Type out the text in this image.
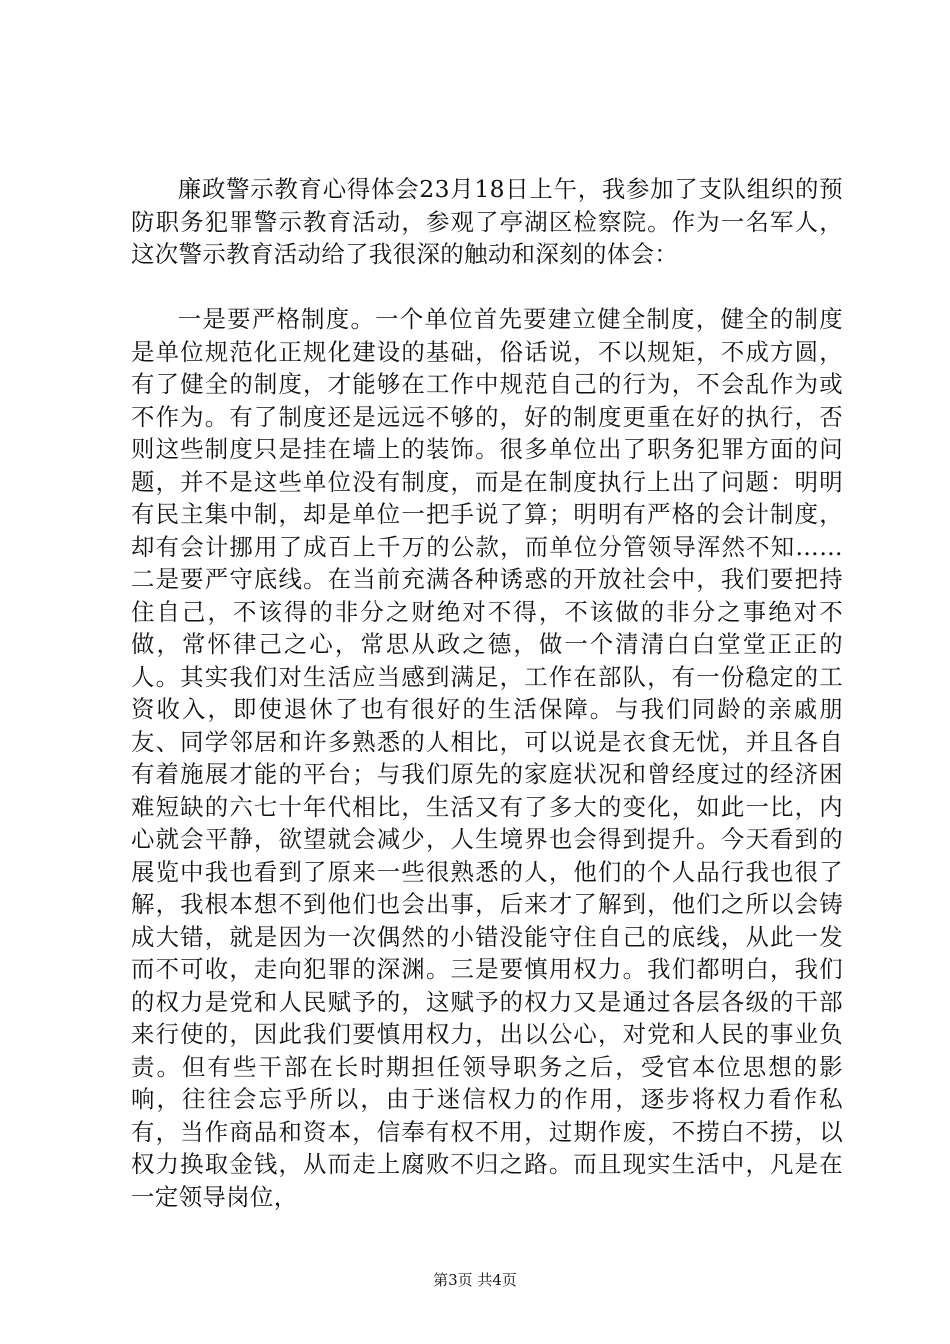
廉政警示教育心得体会23月18日上午，我参加了支队组织的预防职务犯罪警示教育活动，参观了亭湖区检察院。作为一名军人，这次警示教育活动给了我很深的触动和深刻的体会：

一是要严格制度。一个单位首先要建立健全制度，健全的制度是单位规范化正规化建设的基础，俗话说，不以规矩，不成方圆，有了健全的制度，才能够在工作中规范自己的行为，不会乱作为或不作为。有了制度还是远远不够的，好的制度更重在好的执行，否则这些制度只是挂在墙上的装饰。很多单位出了职务犯罪方面的问题，并不是这些单位没有制度，而是在制度执行上出了问题：明明有民主集中制，却是单位一把手说了算；明明有严格的会计制度，却有会计挪用了成百上千万的公款，而单位分管领导浑然不知……二是要严守底线。在当前充满各种诱惑的开放社会中，我们要把持住自己，不该得的非分之财绝对不得，不该做的非分之事绝对不做，常怀律己之心，常思从政之德，做一个清清白白堂堂正正的人。其实我们对生活应当感到满足，工作在部队，有一份稳定的工资收入，即使退休了也有很好的生活保障。与我们同龄的亲戚朋友、同学邻居和许多熟悉的人相比，可以说是衣食无忧，并且各自有着施展才能的平台；与我们原先的家庭状况和曾经度过的经济困难短缺的六七十年代相比，生活又有了多大的变化，如此一比，内心就会平静，欲望就会减少，人生境界也会得到提升。今天看到的展览中我也看到了原来一些很熟悉的人，他们的个人品行我也很了解，我根本想不到他们也会出事，后来才了解到，他们之所以会铸成大错，就是因为一次偶然的小错没能守住自己的底线，从此一发而不可收，走向犯罪的深渊。三是要慎用权力。我们都明白，我们的权力是党和人民赋予的，这赋予的权力又是通过各层各级的干部来行使的，因此我们要慎用权力，出以公心，对党和人民的事业负责。但有些干部在长时期担任领导职务之后，受官本位思想的影响，往往会忘乎所以，由于迷信权力的作用，逐步将权力看作私有，当作商品和资本，信奉有权不用，过期作废，不捞白不捞，以权力换取金钱，从而走上腐败不归之路。而且现实生活中，凡是在一定领导岗位，

第3页 共4页
